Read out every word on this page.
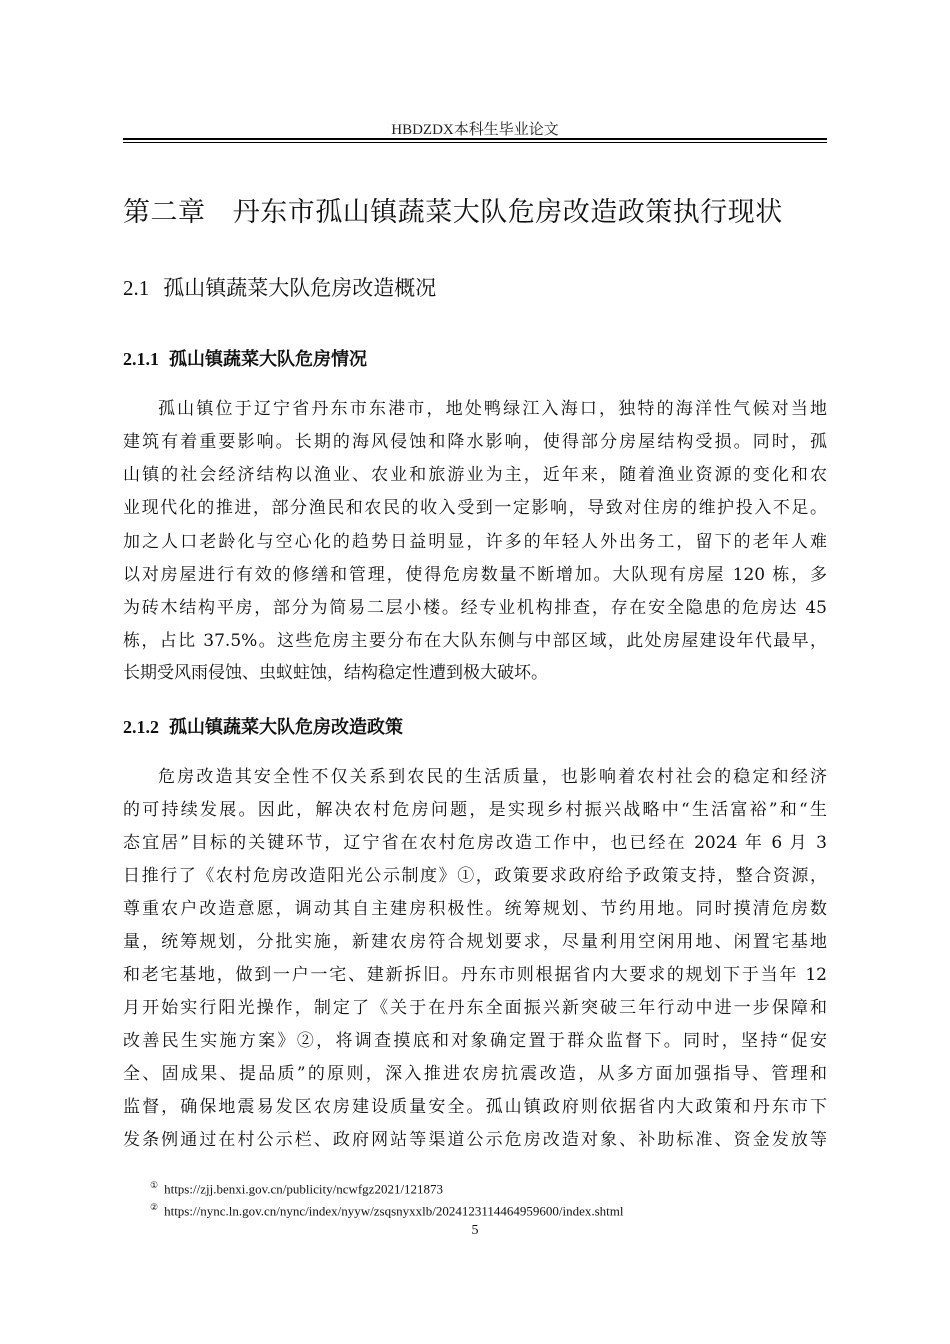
HBDZDX本科生毕业论文
第二章   丹东市孤山镇蔬菜大队危房改造政策执行现状
2.1 孤山镇蔬菜大队危房改造概况
2.1.1 孤山镇蔬菜大队危房情况
孤山镇位于辽宁省丹东市东港市，地处鸭绿江入海口，独特的海洋性气候对当地
建筑有着重要影响。长期的海风侵蚀和降水影响，使得部分房屋结构受损。同时，孤
山镇的社会经济结构以渔业、农业和旅游业为主，近年来，随着渔业资源的变化和农
业现代化的推进，部分渔民和农民的收入受到一定影响，导致对住房的维护投入不足。
加之人口老龄化与空心化的趋势日益明显，许多的年轻人外出务工，留下的老年人难
以对房屋进行有效的修缮和管理，使得危房数量不断增加。大队现有房屋 120 栋，多
为砖木结构平房，部分为简易二层小楼。经专业机构排查，存在安全隐患的危房达 45
栋，占比 37.5%。这些危房主要分布在大队东侧与中部区域，此处房屋建设年代最早，
长期受风雨侵蚀、虫蚁蛀蚀，结构稳定性遭到极大破坏。
2.1.2 孤山镇蔬菜大队危房改造政策
危房改造其安全性不仅关系到农民的生活质量，也影响着农村社会的稳定和经济
的可持续发展。因此，解决农村危房问题，是实现乡村振兴战略中“生活富裕”和“生
态宜居”目标的关键环节，辽宁省在农村危房改造工作中，也已经在 2024 年 6 月 3
日推行了《农村危房改造阳光公示制度》①，政策要求政府给予政策支持，整合资源，
尊重农户改造意愿，调动其自主建房积极性。统筹规划、节约用地。同时摸清危房数
量，统筹规划，分批实施，新建农房符合规划要求，尽量利用空闲用地、闲置宅基地
和老宅基地，做到一户一宅、建新拆旧。丹东市则根据省内大要求的规划下于当年 12
月开始实行阳光操作，制定了《关于在丹东全面振兴新突破三年行动中进一步保障和
改善民生实施方案》②，将调查摸底和对象确定置于群众监督下。同时，坚持“促安
全、固成果、提品质”的原则，深入推进农房抗震改造，从多方面加强指导、管理和
监督，确保地震易发区农房建设质量安全。孤山镇政府则依据省内大政策和丹东市下
发条例通过在村公示栏、政府网站等渠道公示危房改造对象、补助标准、资金发放等
① https://zjj.benxi.gov.cn/publicity/ncwfgz2021/121873
② https://nync.ln.gov.cn/nync/index/nyyw/zsqsnyxxlb/2024123114464959600/index.shtml
5
